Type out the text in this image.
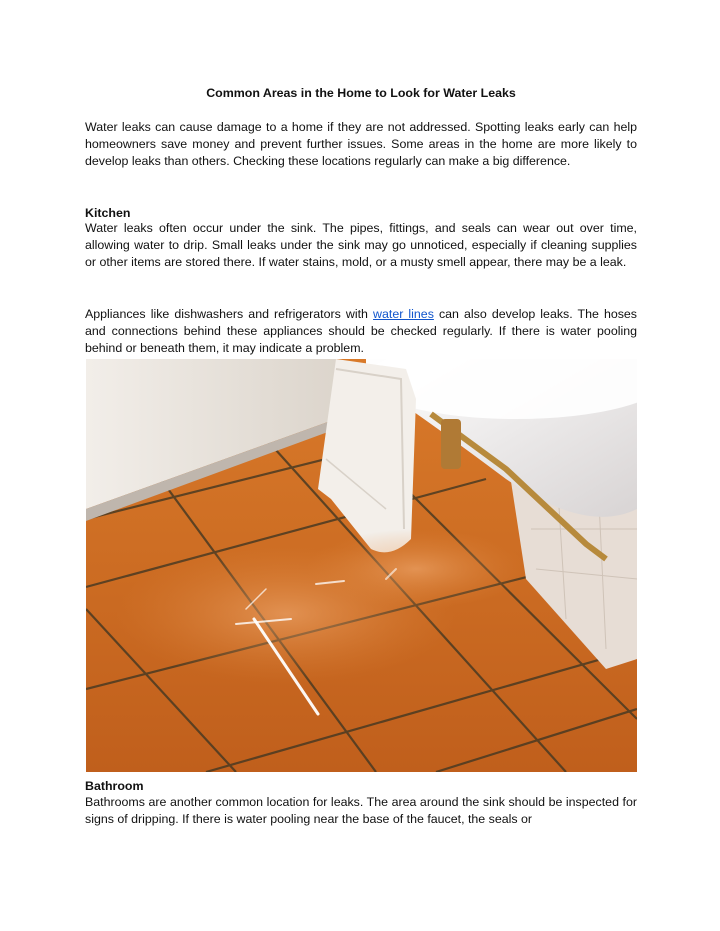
Common Areas in the Home to Look for Water Leaks

Water leaks can cause damage to a home if they are not addressed. Spotting leaks early can help homeowners save money and prevent further issues. Some areas in the home are more likely to develop leaks than others. Checking these locations regularly can make a big difference.

Kitchen

Water leaks often occur under the sink. The pipes, fittings, and seals can wear out over time, allowing water to drip. Small leaks under the sink may go unnoticed, especially if cleaning supplies or other items are stored there. If water stains, mold, or a musty smell appear, there may be a leak.

Appliances like dishwashers and refrigerators with water lines can also develop leaks. The hoses and connections behind these appliances should be checked regularly. If there is water pooling behind or beneath them, it may indicate a problem.

Bathroom

Bathrooms are another common location for leaks. The area around the sink should be inspected for signs of dripping. If there is water pooling near the base of the faucet, the seals or
